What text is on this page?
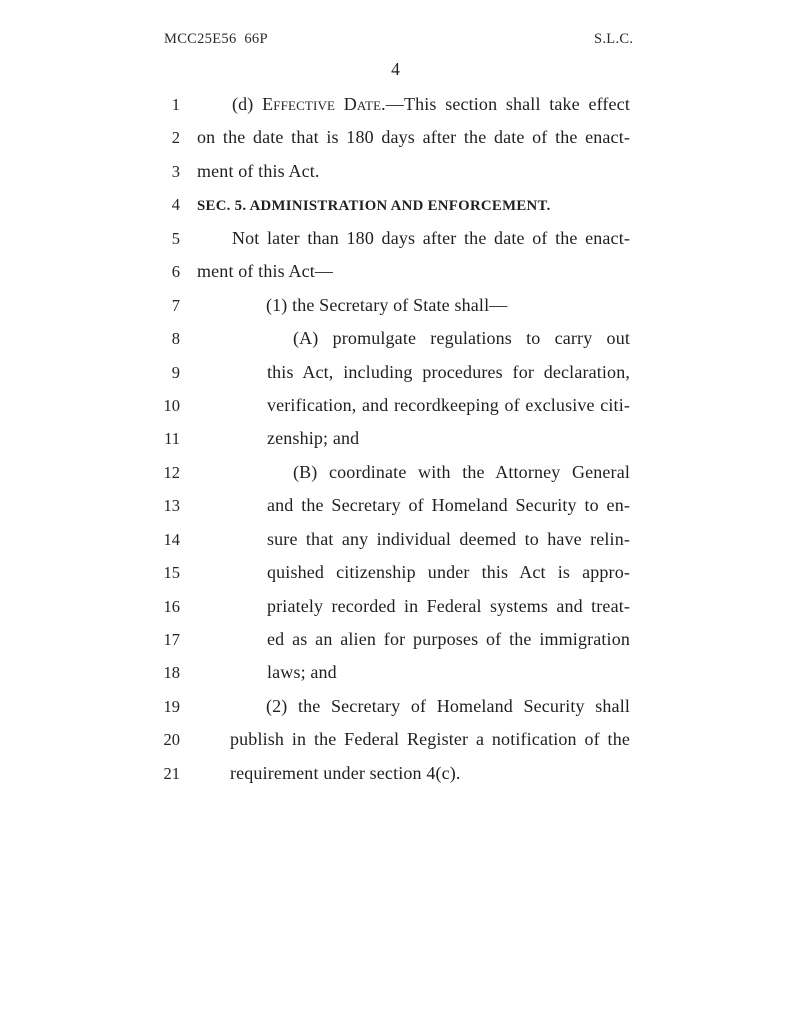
MCC25E56  66P	S.L.C.
4
1	(d) Effective Date.—This section shall take effect
2 on the date that is 180 days after the date of the enact-
3 ment of this Act.
4 SEC. 5. ADMINISTRATION AND ENFORCEMENT.
5	Not later than 180 days after the date of the enact-
6 ment of this Act—
7	(1) the Secretary of State shall—
8	(A) promulgate regulations to carry out
9	this Act, including procedures for declaration,
10	verification, and recordkeeping of exclusive citi-
11	zenship; and
12	(B) coordinate with the Attorney General
13	and the Secretary of Homeland Security to en-
14	sure that any individual deemed to have relin-
15	quished citizenship under this Act is appro-
16	priately recorded in Federal systems and treat-
17	ed as an alien for purposes of the immigration
18	laws; and
19	(2) the Secretary of Homeland Security shall
20	publish in the Federal Register a notification of the
21	requirement under section 4(c).
